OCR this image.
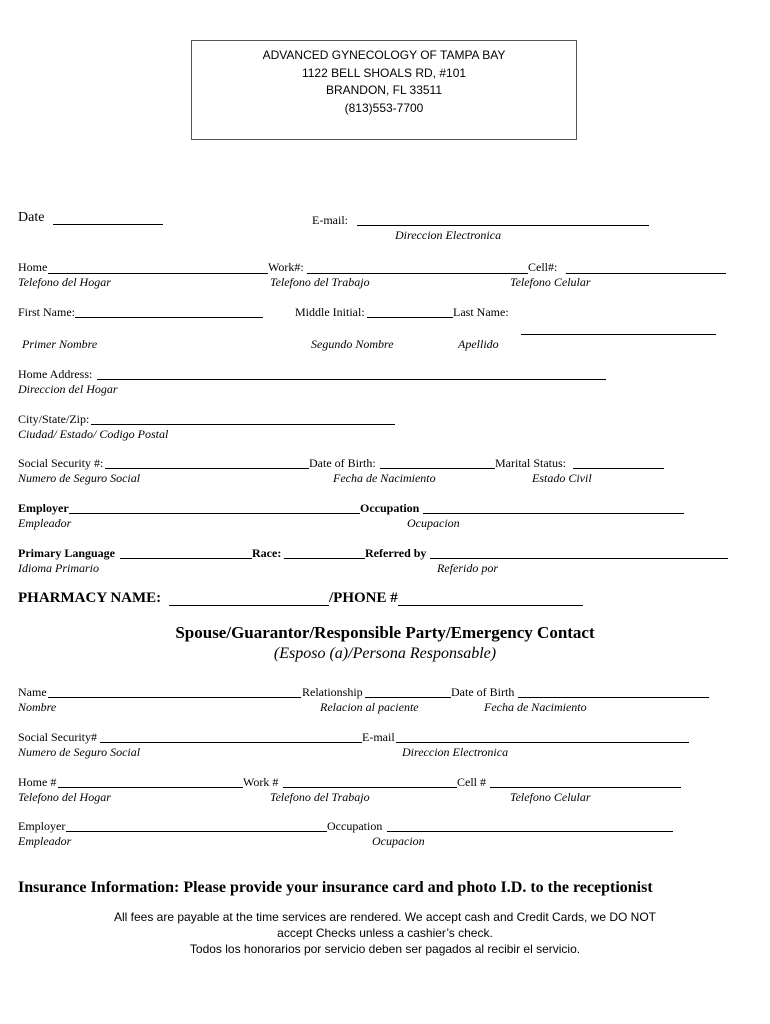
ADVANCED GYNECOLOGY OF TAMPA BAY
1122 BELL SHOALS RD, #101
BRANDON, FL 33511
(813)553-7700
Date	E-mail:
Direccion Electronica
Home	Work#:	Cell#:
Telefono del Hogar	Telefono del Trabajo	Telefono Celular
First Name:	Middle Initial:	Last Name:
Primer Nombre	Segundo Nombre	Apellido
Home Address:
Direccion del Hogar
City/State/Zip:
Ciudad/ Estado/ Codigo Postal
Social Security #:	Date of Birth:	Marital Status:
Numero de Seguro Social	Fecha de Nacimiento	Estado Civil
Employer	Occupation
Empleador	Ocupacion
Primary Language	Race:	Referred by
Idioma Primario	Referido por
PHARMACY NAME:	/PHONE #
Spouse/Guarantor/Responsible Party/Emergency Contact
(Esposo (a)/Persona Responsable)
Name	Relationship	Date of Birth
Nombre	Relacion al paciente	Fecha de Nacimiento
Social Security#	E-mail
Numero de Seguro Social	Direccion Electronica
Home #	Work #	Cell #
Telefono del Hogar	Telefono del Trabajo	Telefono Celular
Employer	Occupation
Empleador	Ocupacion
Insurance Information: Please provide your insurance card and photo I.D. to the receptionist
All fees are payable at the time services are rendered. We accept cash and Credit Cards, we DO NOT
accept Checks unless a cashier’s check.
Todos los honorarios por servicio deben ser pagados al recibir el servicio.
